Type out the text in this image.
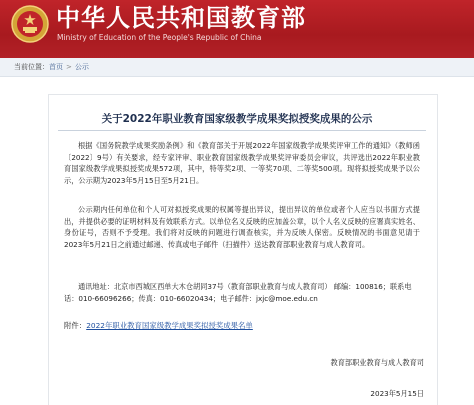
中华人民共和国教育部
Ministry of Education of the People's Republic of China
当前位置：首页 > 公示
关于2022年职业教育国家级教学成果奖拟授奖成果的公示
根据《国务院教学成果奖励条例》和《教育部关于开展2022年国家级教学成果奖评审工作的通知》（教师函〔2022〕9号）有关要求，经专家评审、职业教育国家级教学成果奖评审委员会审议，共评选出2022年职业教育国家级教学成果拟授奖成果572项，其中，特等奖2项、一等奖70项、二等奖500项。现将拟授奖成果予以公示，公示期为2023年5月15日至5月21日。
公示期内任何单位和个人可对拟授奖成果的权属等提出异议，提出异议的单位或者个人应当以书面方式提出，并提供必要的证明材料及有效联系方式。以单位名义反映的应加盖公章，以个人名义反映的应署真实姓名、身份证号，否则不予受理。我们将对反映的问题进行调查核实，并为反映人保密。反映情况的书面意见请于2023年5月21日之前通过邮递、传真或电子邮件（扫描件）送达教育部职业教育与成人教育司。
通讯地址：北京市西城区西单大木仓胡同37号（教育部职业教育与成人教育司） 邮编：100816；联系电话：010-66096266；传真：010-66020434；电子邮件：jxjc@moe.edu.cn
附件：2022年职业教育国家级教学成果奖拟授奖成果名单
教育部职业教育与成人教育司
2023年5月15日
